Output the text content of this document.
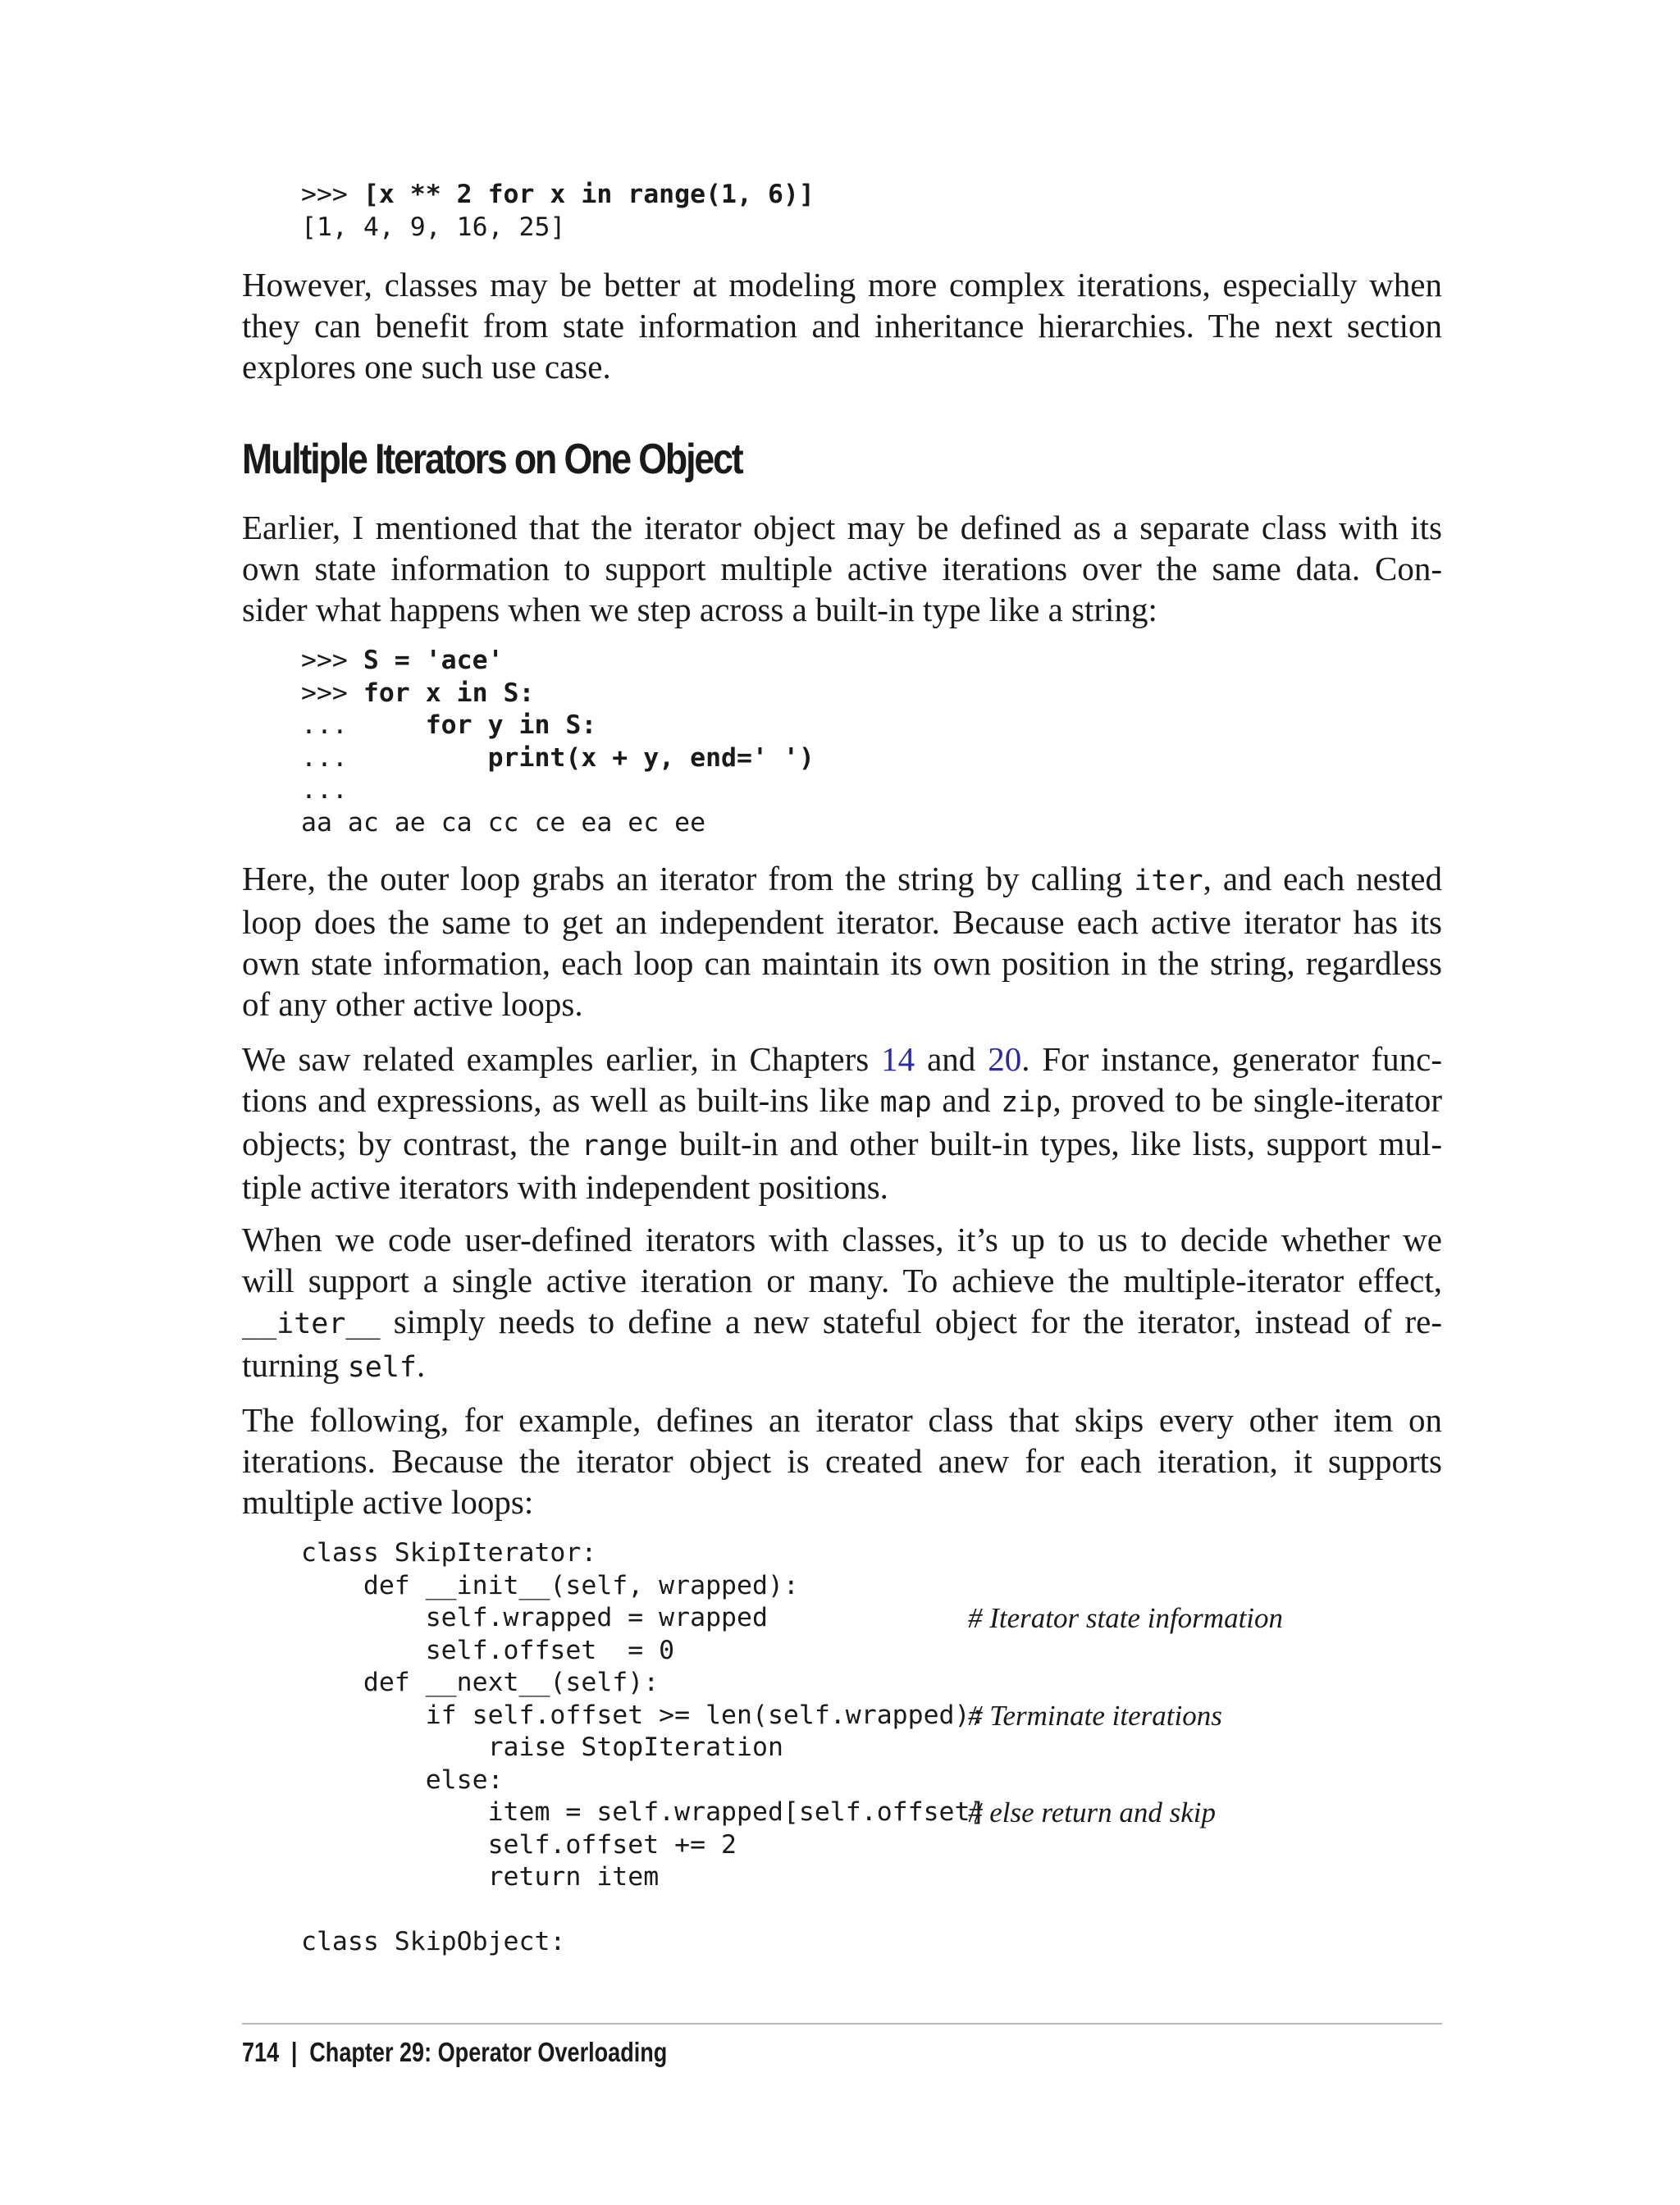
>>> [x ** 2 for x in range(1, 6)]
[1, 4, 9, 16, 25]
However, classes may be better at modeling more complex iterations, especially when
they can benefit from state information and inheritance hierarchies. The next section
explores one such use case.
Multiple Iterators on One Object
Earlier, I mentioned that the iterator object may be defined as a separate class with its
own state information to support multiple active iterations over the same data. Con-
sider what happens when we step across a built-in type like a string:
>>> S = 'ace'
>>> for x in S:
...     for y in S:
...         print(x + y, end=' ')
...
aa ac ae ca cc ce ea ec ee
Here, the outer loop grabs an iterator from the string by calling iter, and each nested
loop does the same to get an independent iterator. Because each active iterator has its
own state information, each loop can maintain its own position in the string, regardless
of any other active loops.
We saw related examples earlier, in Chapters 14 and 20. For instance, generator func-
tions and expressions, as well as built-ins like map and zip, proved to be single-iterator
objects; by contrast, the range built-in and other built-in types, like lists, support mul-
tiple active iterators with independent positions.
When we code user-defined iterators with classes, it’s up to us to decide whether we
will support a single active iteration or many. To achieve the multiple-iterator effect,
__iter__ simply needs to define a new stateful object for the iterator, instead of re-
turning self.
The following, for example, defines an iterator class that skips every other item on
iterations. Because the iterator object is created anew for each iteration, it supports
multiple active loops:
class SkipIterator:
def __init__(self, wrapped):
self.wrapped = wrapped	# Iterator state information
self.offset  = 0
def __next__(self):
if self.offset >= len(self.wrapped):
# Terminate iterations
raise StopIteration
else:
item = self.wrapped[self.offset]
# else return and skip
self.offset += 2
return item
class SkipObject:
714 | Chapter 29: Operator Overloading
